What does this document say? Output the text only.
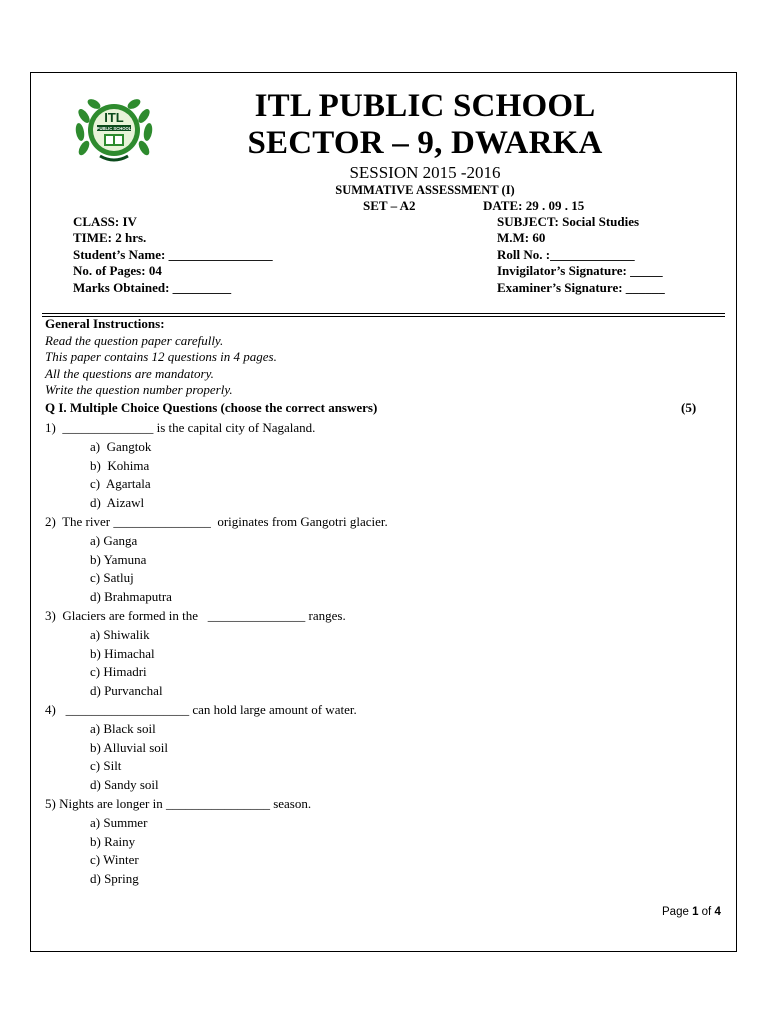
ITL
PUBLIC SCHOOL
ITL PUBLIC SCHOOL
SECTOR – 9, DWARKA
SESSION 2015 -2016
SUMMATIVE ASSESSMENT (I)
SET – A2	DATE: 29 . 09 . 15
CLASS: IV
TIME: 2 hrs.
Student’s Name: ________________
No. of Pages: 04
Marks Obtained: _________
SUBJECT: Social Studies
M.M: 60
Roll No. :_____________
Invigilator’s Signature: _____
Examiner’s Signature: ______
General Instructions:
Read the question paper carefully.
This paper contains 12 questions in 4 pages.
All the questions are mandatory.
Write the question number properly.
Q I. Multiple Choice Questions (choose the correct answers)	(5)
1)  ______________ is the capital city of Nagaland.
a)  Gangtok
b)  Kohima
c)  Agartala
d)  Aizawl
2)  The river _______________  originates from Gangotri glacier.
a) Ganga
b) Yamuna
c) Satluj
d) Brahmaputra
3)  Glaciers are formed in the   _______________ ranges.
a) Shiwalik
b) Himachal
c) Himadri
d) Purvanchal
4)   ___________________ can hold large amount of water.
a) Black soil
b) Alluvial soil
c) Silt
d) Sandy soil
5) Nights are longer in ________________ season.
a) Summer
b) Rainy
c) Winter
d) Spring
Page 1 of 4
